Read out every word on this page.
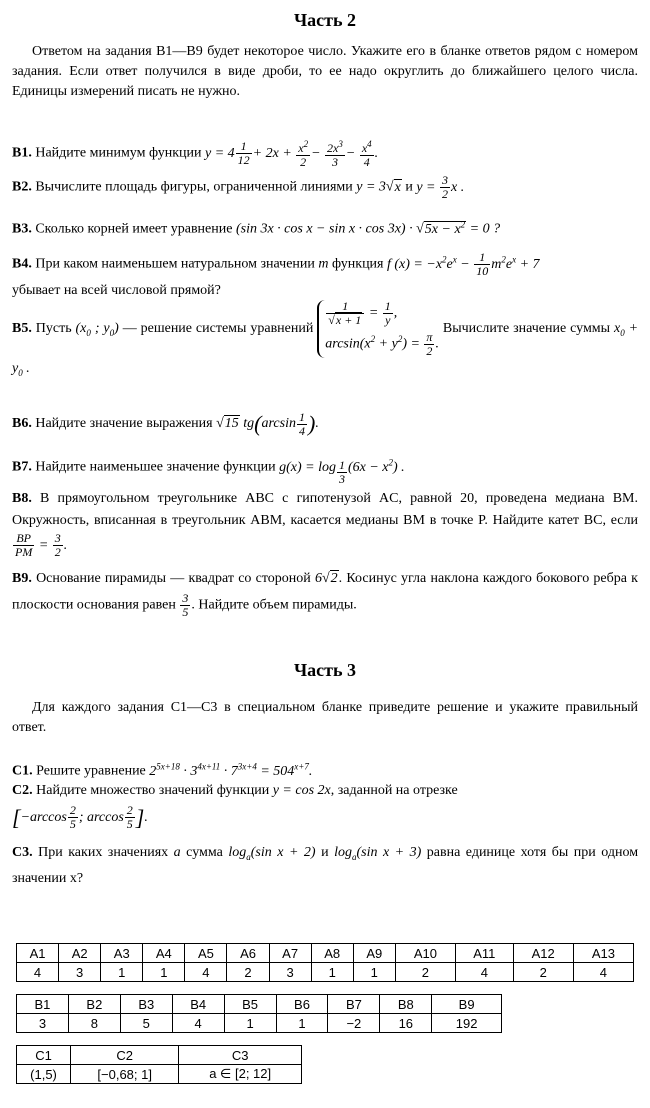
Часть 2
Ответом на задания В1—В9 будет некоторое число. Укажите его в бланке ответов рядом с номером задания. Если ответ получился в виде дроби, то ее надо округлить до ближайшего целого числа. Единицы измерений писать не нужно.
В1. Найдите минимум функции $y = 4 \frac{1}{12} + 2x + \frac{x^2}{2} - \frac{2x^3}{3} - \frac{x^4}{4}$ .
В2. Вычислите площадь фигуры, ограниченной линиями y = 3√x и $y = \frac{3}{2}$ x .
В3. Сколько корней имеет уравнение (sin $3x \cdot \cos x - \sin x \cdot \cos 3x) \cdot √5x - x^2 = 0$ ?
В4. При каком наименьшем натуральном значении m функция f $(x) = -x^2e^x - \frac{1}{10} m^2e^x + 7$
убывает на всей числовой прямой?
В5. Пусть ($x_0$ ; $y_0$) — решение системы уравнений
$\frac{1}{√x + 1} = \frac{1}{y}$ ,
$\arcsin(x^2 + y^2) = \frac{\pi}{2}$ . Вычислите значение суммы $x_0 + y_0$ .
В6. Найдите значение выражения √15 $tg(\arcsin \frac{1}{4}$ ).
В7. Найдите наименьшее значение функции g(x) = log $_{\frac{1}{3}}$ $(6x - x^2)$ .
В8. В прямоугольном треугольнике ABC с гипотенузой AC, равной 20, проведена медиана BM. Окружность, вписанная в треугольник ABM, касается медианы BM в точке P. Найдите катет BC, если
$\frac{BP}{PM} = \frac{3}{2}$ .
В9. Основание пирамиды — квадрат со стороной 6√2. Косинус угла наклона каждого бокового ребра к плоскости основания равен $\frac{3}{5}$ . Найдите объем пирамиды.
Часть 3
Для каждого задания С1—С3 в специальном бланке приведите решение и укажите правильный ответ.
С1. Решите уравнение $2^{5x+18} \cdot 3^{4x+11} \cdot 7^{3x+4} = 504^{x+7}$.
С2. Найдите множество значений функции y = cos 2x, заданной на отрезке
[$-\arccos \frac{2}{5}$ ; $\arccos \frac{2}{5}$ ].
С3. При каких значениях a сумма $\log_a(\sin$ x + 2) и $\log_a(\sin$ x + 3) равна единице хотя бы при одном значении x?
А1	А2	А3	А4	А5	А6	А7	А8	А9	А10	А11	А12	А13
4	3	1	1	4	2	3	1	1	2	4	2	4
В1	В2	В3	В4	В5	В6	В7	В8	В9
3	8	5	4	1	1	−2	16	192
С1	С2	С3
(1,5)	[−0,68; 1]	a ∈ [2; 12]
